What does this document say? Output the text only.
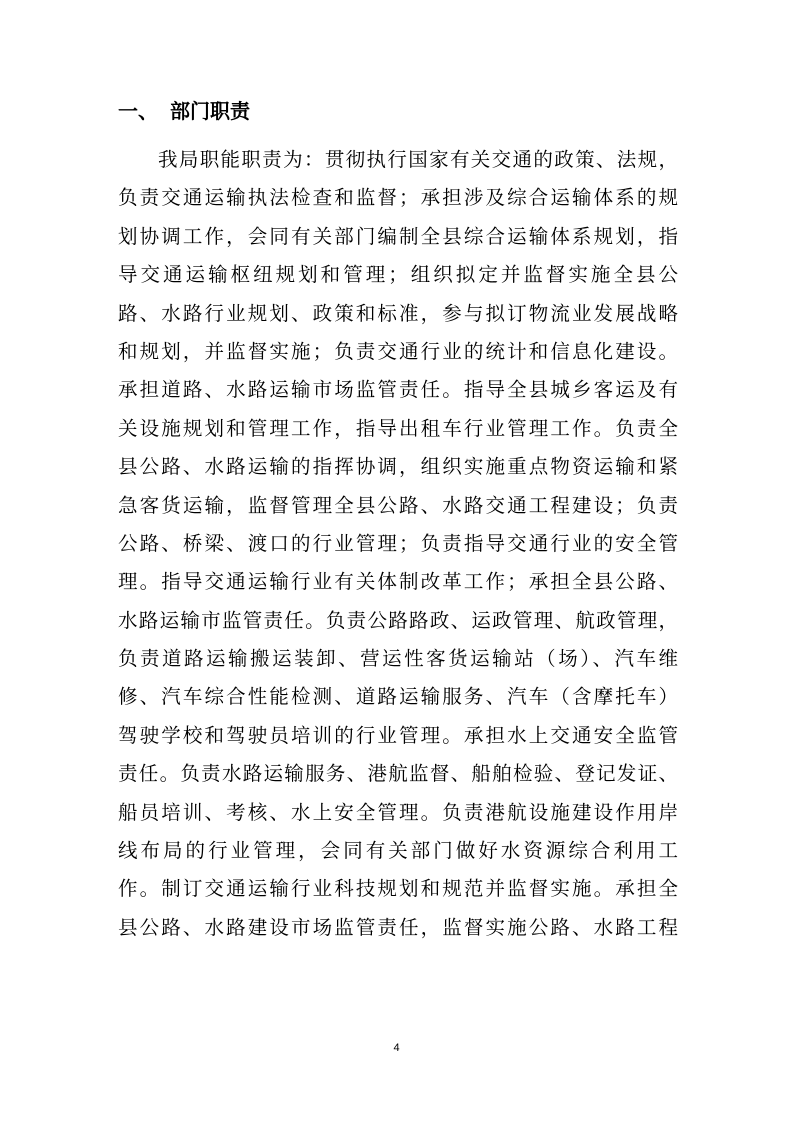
一、 部门职责
我局职能职责为：贯彻执行国家有关交通的政策、法规，
负责交通运输执法检查和监督；承担涉及综合运输体系的规
划协调工作，会同有关部门编制全县综合运输体系规划，指
导交通运输枢纽规划和管理；组织拟定并监督实施全县公
路、水路行业规划、政策和标准，参与拟订物流业发展战略
和规划，并监督实施；负责交通行业的统计和信息化建设。
承担道路、水路运输市场监管责任。指导全县城乡客运及有
关设施规划和管理工作，指导出租车行业管理工作。负责全
县公路、水路运输的指挥协调，组织实施重点物资运输和紧
急客货运输，监督管理全县公路、水路交通工程建设；负责
公路、桥梁、渡口的行业管理；负责指导交通行业的安全管
理。指导交通运输行业有关体制改革工作；承担全县公路、
水路运输市监管责任。负责公路路政、运政管理、航政管理，
负责道路运输搬运装卸、营运性客货运输站（场）、汽车维
修、汽车综合性能检测、道路运输服务、汽车（含摩托车）
驾驶学校和驾驶员培训的行业管理。承担水上交通安全监管
责任。负责水路运输服务、港航监督、船舶检验、登记发证、
船员培训、考核、水上安全管理。负责港航设施建设作用岸
线布局的行业管理，会同有关部门做好水资源综合利用工
作。制订交通运输行业科技规划和规范并监督实施。承担全
县公路、水路建设市场监管责任，监督实施公路、水路工程
4
